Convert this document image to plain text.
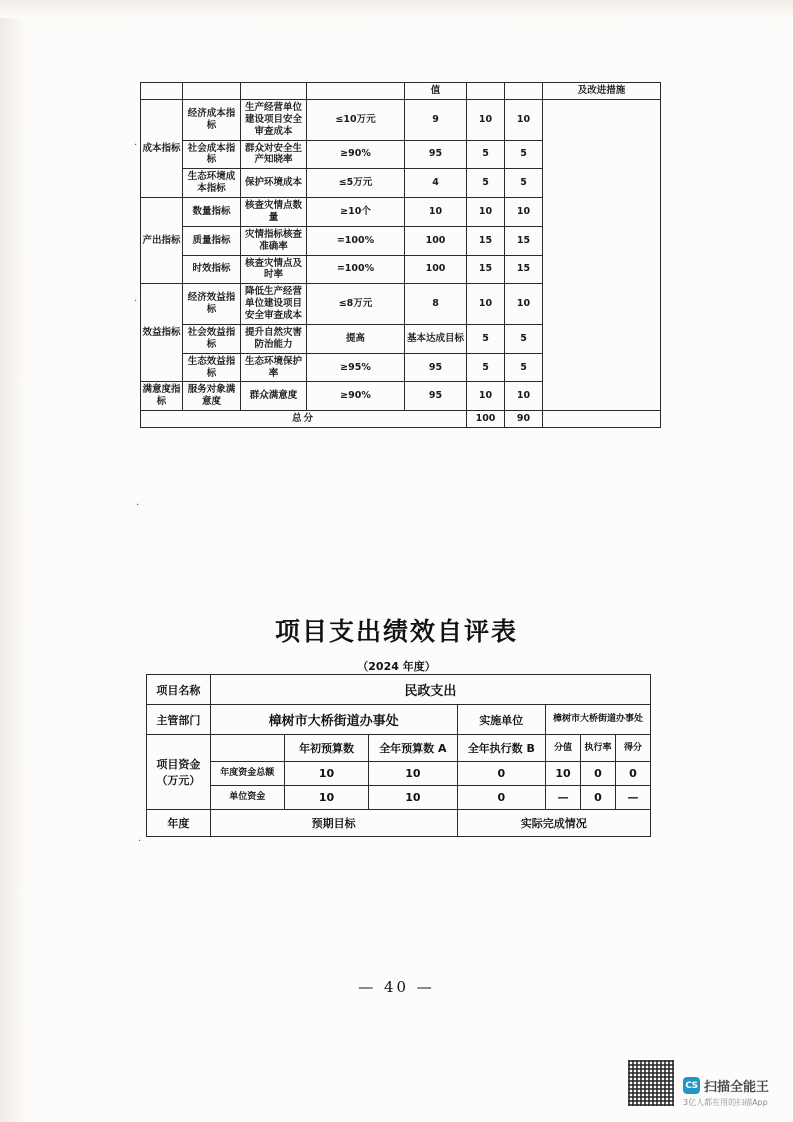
·
·
·
·
				值			及改进措施

成本指标	经济成本指标	生产经营单位建设项目安全审查成本	≤10万元	9	10	10	
	社会成本指标	群众对安全生产知晓率	≥90%	95	5	5	
	生态环境成本指标	保护环境成本	≤5万元	4	5	5	

产出指标	数量指标	核查灾情点数量	≥10个	10	10	10	
	质量指标	灾情指标核查准确率	=100%	100	15	15	
	时效指标	核查灾情点及时率	=100%	100	15	15	

效益指标	经济效益指标	降低生产经营单位建设项目安全审查成本	≤8万元	8	10	10	
	社会效益指标	提升自然灾害防治能力	提高	基本达成目标	5	5	
	生态效益指标	生态环境保护率	≥95%	95	5	5	

满意度指标	服务对象满意度	群众满意度	≥90%	95	10	10	
总分					100	90	
项目支出绩效自评表
（2024 年度）
项目名称	民政支出						
主管部门	樟树市大桥街道办事处			实施单位	樟树市大桥街道办事处		
项目资金（万元）		年初预算数	全年预算数 A	全年执行数 B	分值	执行率	得分
	年度资金总额	10	10	0	10	0	0
	单位资金	10	10	0	—	0	—
年度	预期目标			实际完成情况			
— 40 —
CS 扫描全能王
3亿人都在用的扫描App
